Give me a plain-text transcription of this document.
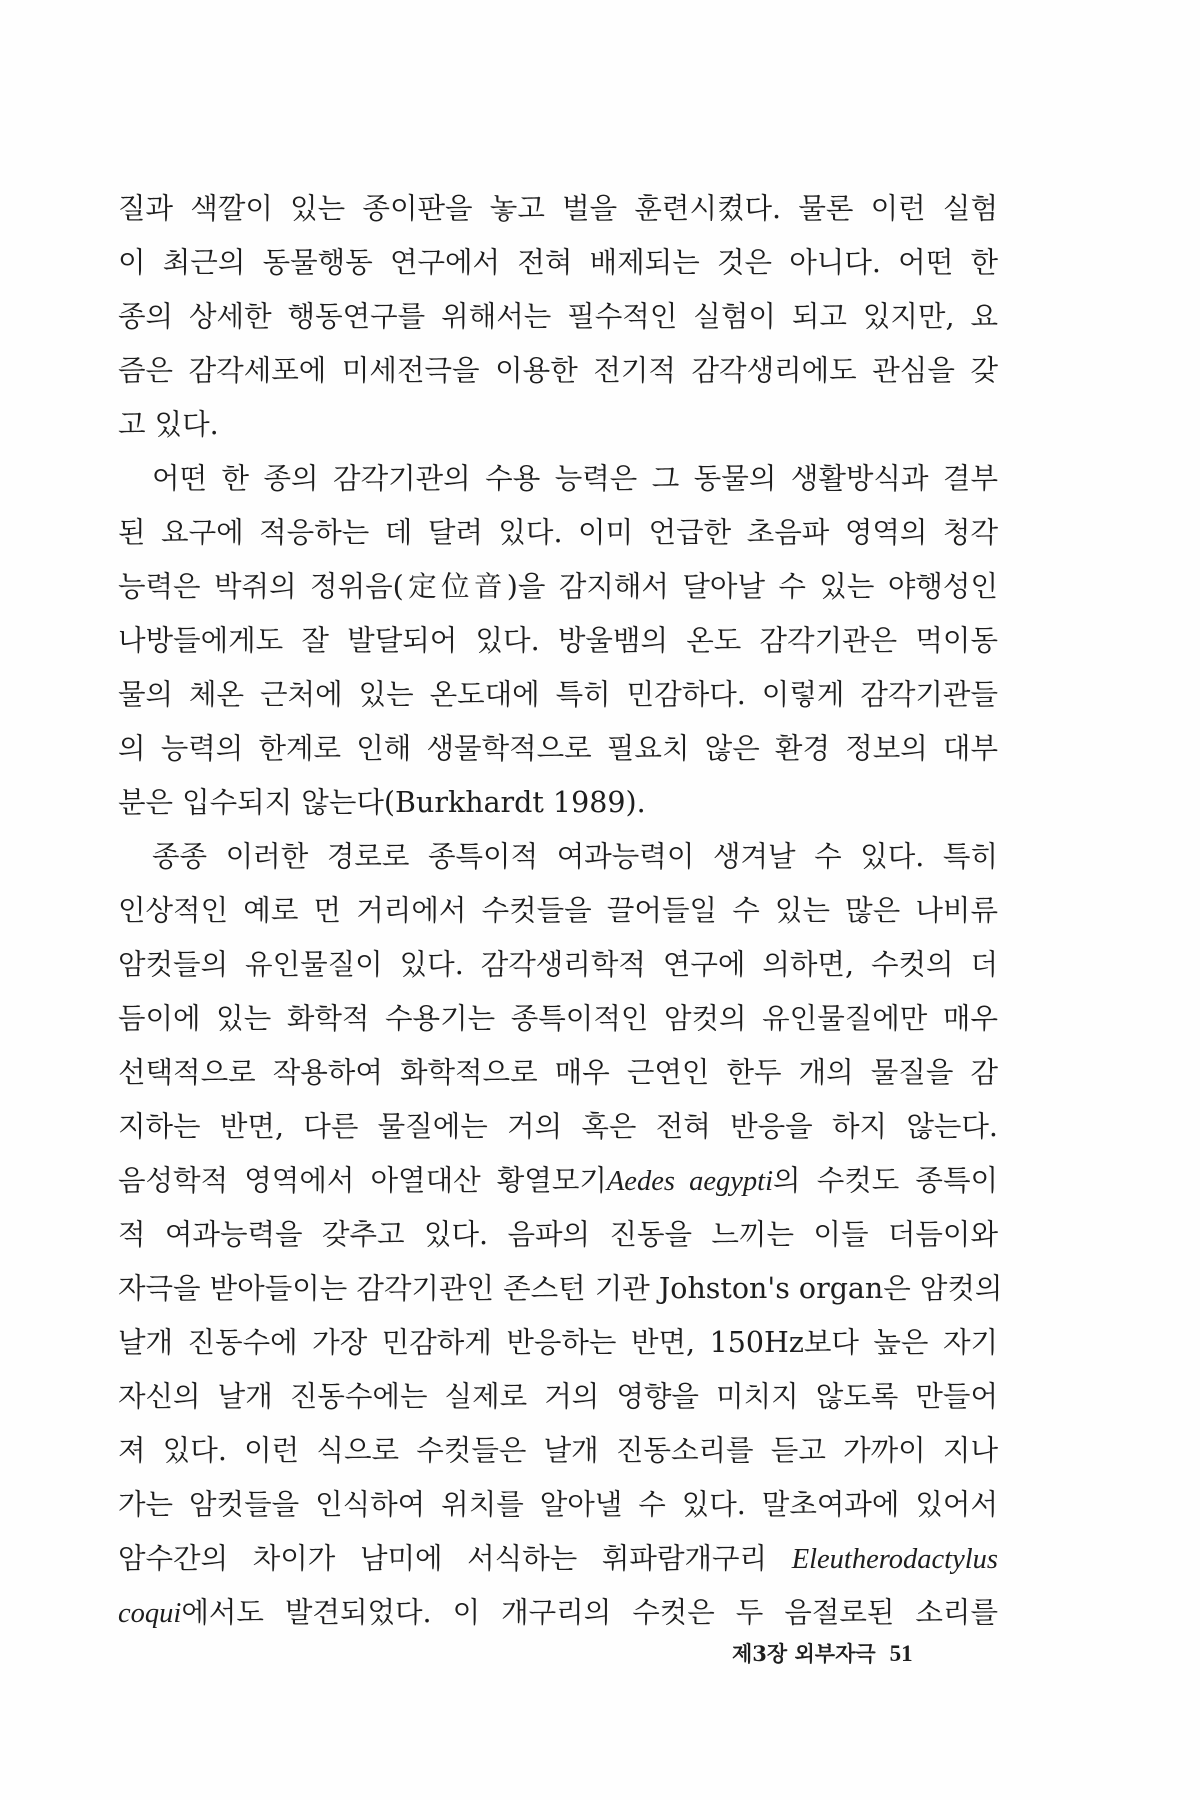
질과 색깔이 있는 종이판을 놓고 벌을 훈련시켰다. 물론 이런 실험
이 최근의 동물행동 연구에서 전혀 배제되는 것은 아니다. 어떤 한
종의 상세한 행동연구를 위해서는 필수적인 실험이 되고 있지만, 요
즘은 감각세포에 미세전극을 이용한 전기적 감각생리에도 관심을 갖
고 있다.
어떤 한 종의 감각기관의 수용 능력은 그 동물의 생활방식과 결부
된 요구에 적응하는 데 달려 있다. 이미 언급한 초음파 영역의 청각
능력은 박쥐의 정위음(定位音)을 감지해서 달아날 수 있는 야행성인
나방들에게도 잘 발달되어 있다. 방울뱀의 온도 감각기관은 먹이동
물의 체온 근처에 있는 온도대에 특히 민감하다. 이렇게 감각기관들
의 능력의 한계로 인해 생물학적으로 필요치 않은 환경 정보의 대부
분은 입수되지 않는다(Burkhardt 1989).
종종 이러한 경로로 종특이적 여과능력이 생겨날 수 있다. 특히
인상적인 예로 먼 거리에서 수컷들을 끌어들일 수 있는 많은 나비류
암컷들의 유인물질이 있다. 감각생리학적 연구에 의하면, 수컷의 더
듬이에 있는 화학적 수용기는 종특이적인 암컷의 유인물질에만 매우
선택적으로 작용하여 화학적으로 매우 근연인 한두 개의 물질을 감
지하는 반면, 다른 물질에는 거의 혹은 전혀 반응을 하지 않는다.
음성학적 영역에서 아열대산 황열모기Aedes aegypti의 수컷도 종특이
적 여과능력을 갖추고 있다. 음파의 진동을 느끼는 이들 더듬이와
자극을 받아들이는 감각기관인 존스턴 기관 Johston's organ은 암컷의
날개 진동수에 가장 민감하게 반응하는 반면, 150Hz보다 높은 자기
자신의 날개 진동수에는 실제로 거의 영향을 미치지 않도록 만들어
져 있다. 이런 식으로 수컷들은 날개 진동소리를 듣고 가까이 지나
가는 암컷들을 인식하여 위치를 알아낼 수 있다. 말초여과에 있어서
암수간의 차이가 남미에 서식하는 휘파람개구리 Eleutherodactylus
coqui에서도 발견되었다. 이 개구리의 수컷은 두 음절로된 소리를
제3장 외부자극 51
